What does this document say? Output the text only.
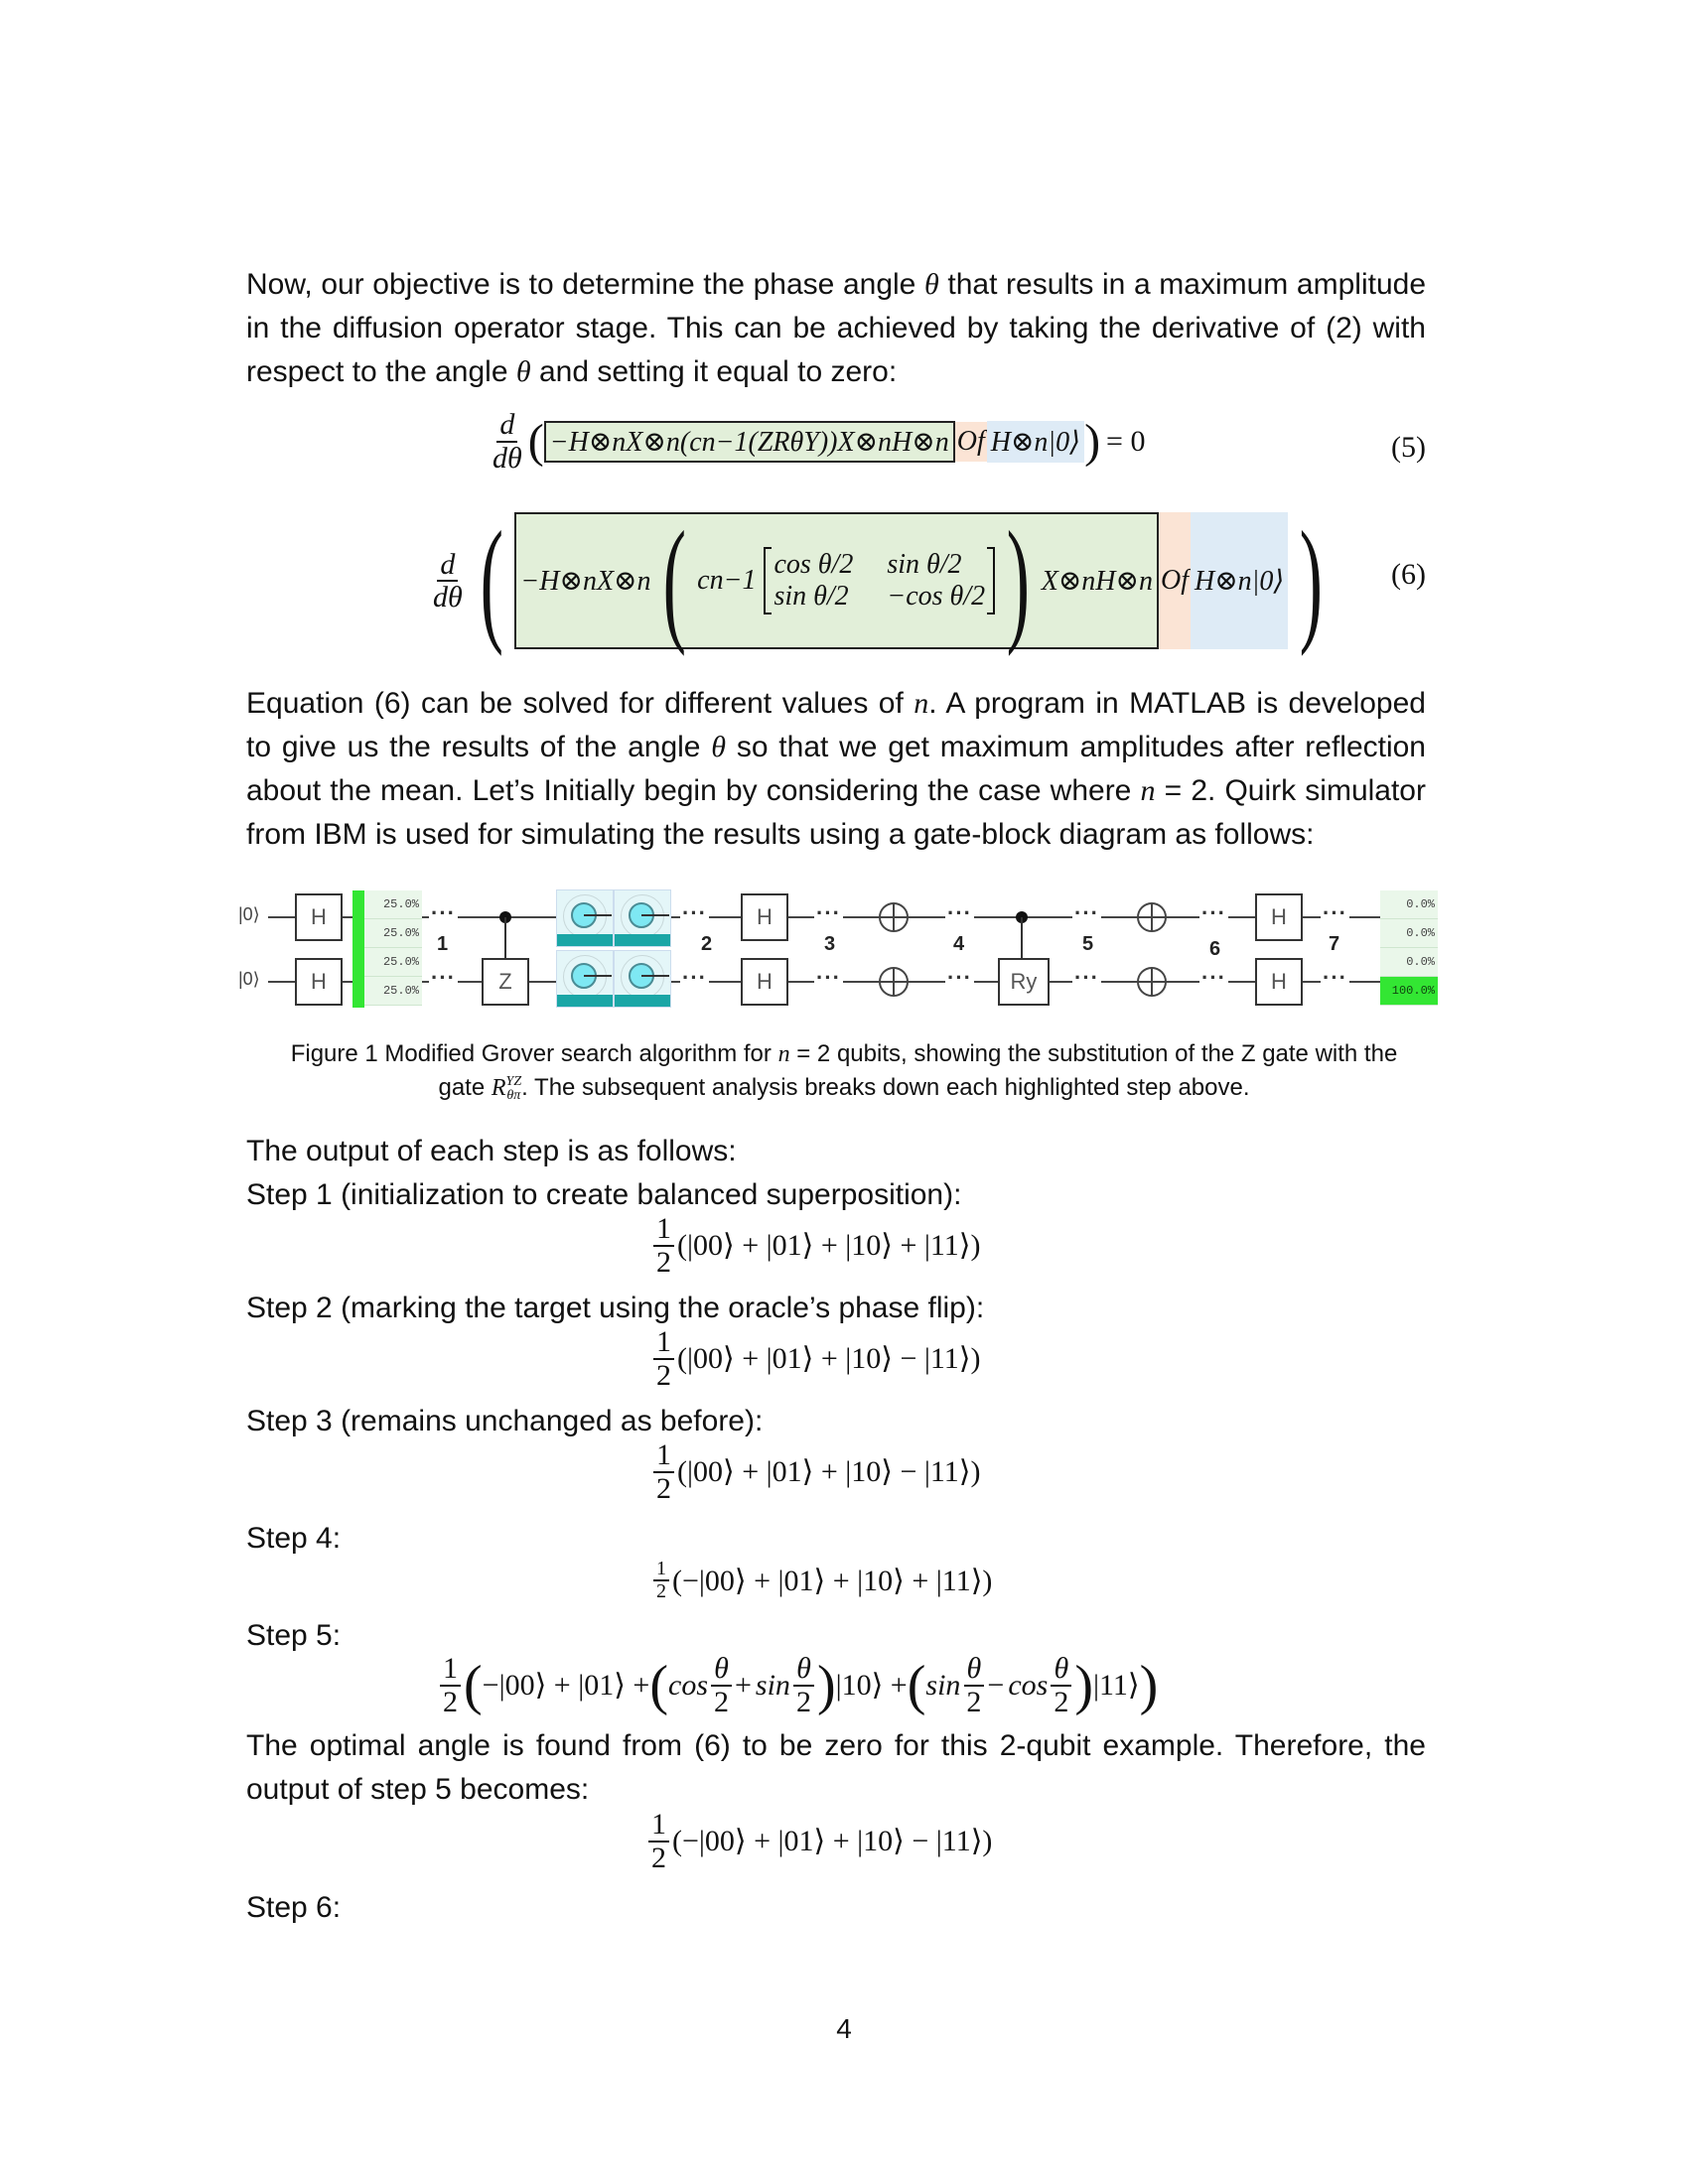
Now, our objective is to determine the phase angle θ that results in a maximum amplitude in the diffusion operator stage. This can be achieved by taking the derivative of (2) with respect to the angle θ and setting it equal to zero:
$\frac{d}{d\theta}$ ( −H⊗nX⊗n(cn−1(ZRθY))X⊗nH⊗n Of H⊗n|0⟩ ) = 0	(5)
$\frac{d}{d\theta}$ ( −H⊗nX⊗n ( cn−1
cos θ/2 sin θ/2
sin θ/2 −cos θ/2 ) X⊗nH⊗n Of H⊗n|0⟩ ) (6)
Equation (6) can be solved for different values of n. A program in MATLAB is developed to give us the results of the angle θ so that we get maximum amplitudes after reflection about the mean. Let’s Initially begin by considering the case where n = 2. Quirk simulator from IBM is used for simulating the results using a gate-block diagram as follows:
|0⟩
|0⟩
H
H
25.0%
25.0%
25.0%
25.0%
···
···
1
Z
···
···
2
H
H
···
···
3
···
···
4
Ry
···
···
5
···
···
6
H
H
···
···
7
0.0%
0.0%
0.0%
100.0%
Figure 1 Modified Grover search algorithm for n = 2 qubits, showing the substitution of the Z gate with the
gate R YZ
θπ . The subsequent analysis breaks down each highlighted step above.
The output of each step is as follows:
Step 1 (initialization to create balanced superposition):
$\frac{1}{2}$ (|00⟩ + |01⟩ + |10⟩ + |11⟩)
Step 2 (marking the target using the oracle’s phase flip):
$\frac{1}{2}$ (|00⟩ + |01⟩ + |10⟩ − |11⟩)
Step 3 (remains unchanged as before):
$\frac{1}{2}$ (|00⟩ + |01⟩ + |10⟩ − |11⟩)
Step 4:
$\frac{1}{2}$ (−|00⟩ + |01⟩ + |10⟩ + |11⟩)
Step 5:
$\frac{1}{2}$ ( −|00⟩ + |01⟩ + ( $\cos \frac{\theta}{2} + \sin \frac{\theta}{2}$ ) |10⟩ + ( $\sin \frac{\theta}{2} - \cos \frac{\theta}{2}$ ) |11⟩ )
The optimal angle is found from (6) to be zero for this 2-qubit example. Therefore, the output of step 5 becomes:
$\frac{1}{2}$ (−|00⟩ + |01⟩ + |10⟩ − |11⟩)
Step 6:
4
